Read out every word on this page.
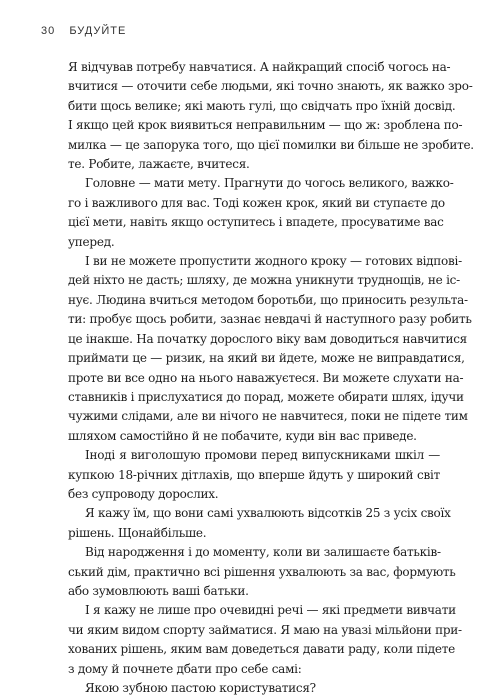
30 БУДУЙТЕ
Я відчував потребу навчатися. А найкращий спосіб чогось на-
вчитися — оточити себе людьми, які точно знають, як важко зро-
бити щось велике; які мають гулі, що свідчать про їхній досвід.
І якщо цей крок виявиться неправильним — що ж: зроблена по-
милка — це запорука того, що цієї помилки ви більше не зробите.
те. Робите, лажаєте, вчитеся.
Головне — мати мету. Прагнути до чогось великого, важко-
го і важливого для вас. Тоді кожен крок, який ви ступаєте до
цієї мети, навіть якщо оступитесь і впадете, просуватиме вас
уперед.
І ви не можете пропустити жодного кроку — готових відпові-
дей ніхто не дасть; шляху, де можна уникнути труднощів, не іс-
нує. Людина вчиться методом боротьби, що приносить результа-
ти: пробує щось робити, зазнає невдачі й наступного разу робить
це інакше. На початку дорослого віку вам доводиться навчитися
приймати це — ризик, на який ви йдете, може не виправдатися,
проте ви все одно на нього наважуєтеся. Ви можете слухати на-
ставників і прислухатися до порад, можете обирати шлях, ідучи
чужими слідами, але ви нічого не навчитеся, поки не підете тим
шляхом самостійно й не побачите, куди він вас приведе.
Іноді я виголошую промови перед випускниками шкіл —
купкою 18-річних дітлахів, що вперше йдуть у широкий світ
без супроводу дорослих.
Я кажу їм, що вони самі ухвалюють відсотків 25 з усіх своїх
рішень. Щонайбільше.
Від народження і до моменту, коли ви залишаєте батьків-
ський дім, практично всі рішення ухвалюють за вас, формують
або зумовлюють ваші батьки.
І я кажу не лише про очевидні речі — які предмети вивчати
чи яким видом спорту займатися. Я маю на увазі мільйони при-
хованих рішень, яким вам доведеться давати раду, коли підете
з дому й почнете дбати про себе самі:
Якою зубною пастою користуватися?
